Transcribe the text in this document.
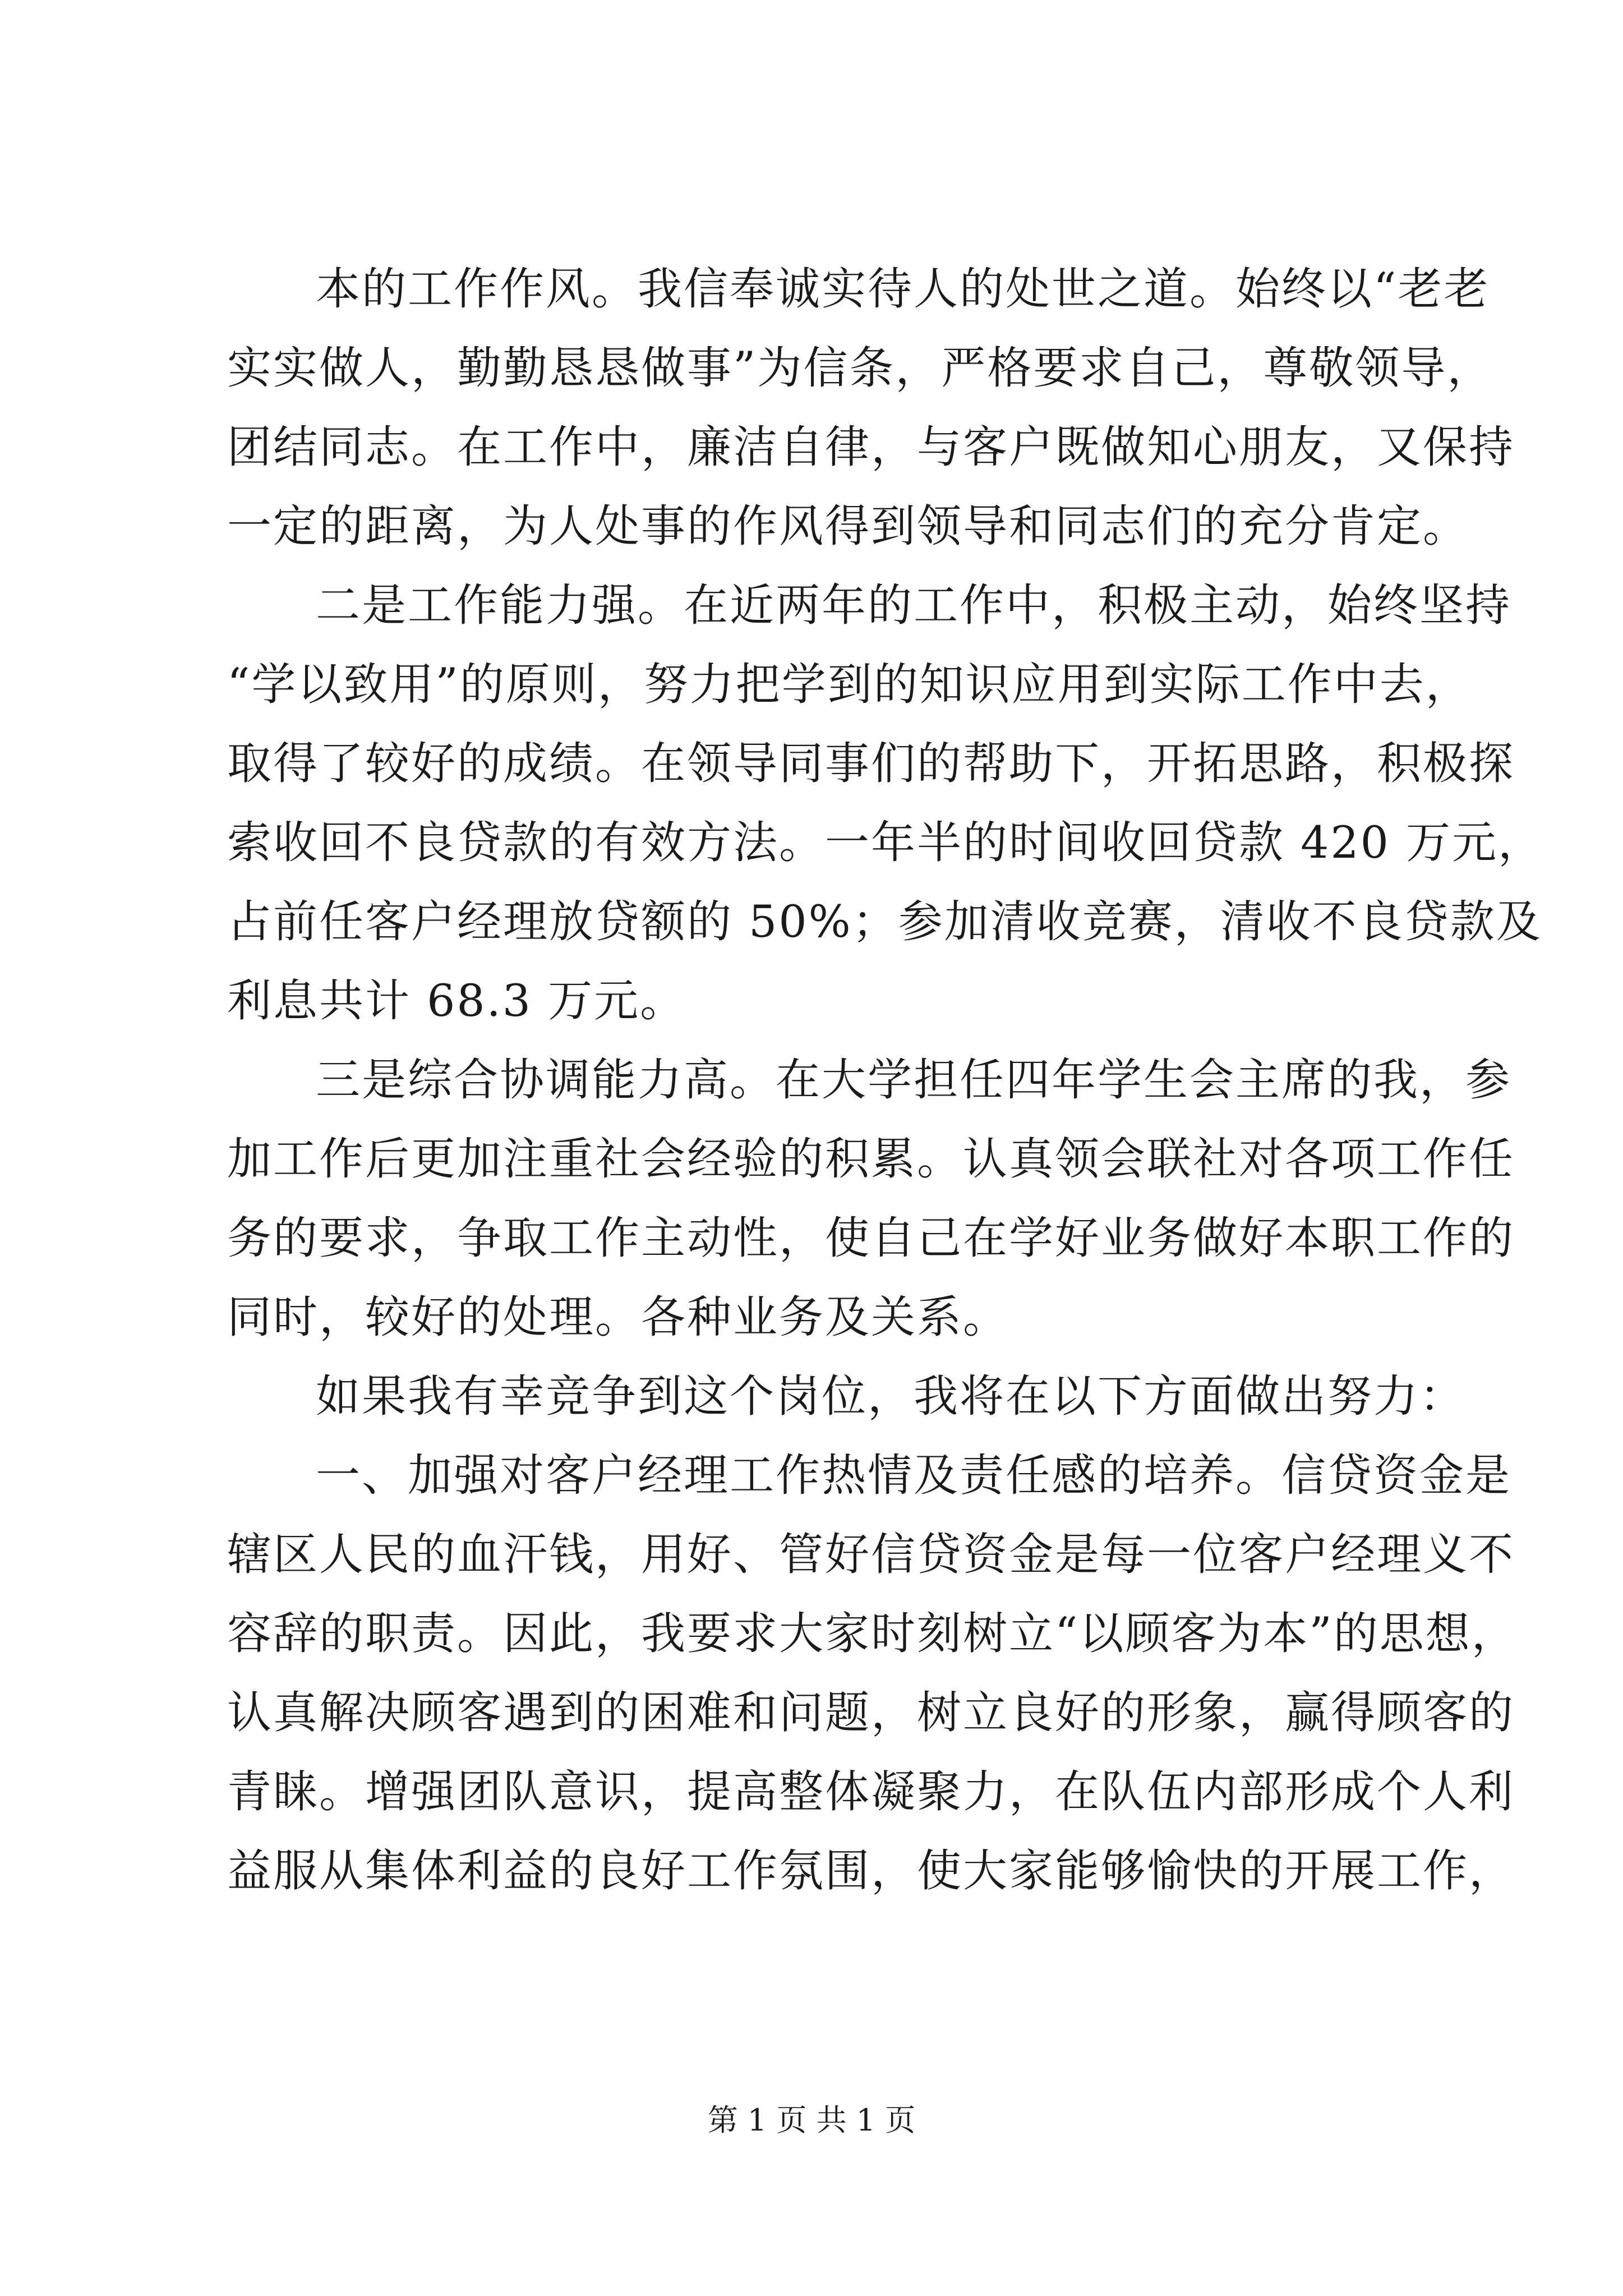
本的工作作风。我信奉诚实待人的处世之道。始终以“老老
实实做人，勤勤恳恳做事”为信条，严格要求自己，尊敬领导，
团结同志。在工作中，廉洁自律，与客户既做知心朋友，又保持
一定的距离，为人处事的作风得到领导和同志们的充分肯定。
二是工作能力强。在近两年的工作中，积极主动，始终坚持
“学以致用”的原则，努力把学到的知识应用到实际工作中去，
取得了较好的成绩。在领导同事们的帮助下，开拓思路，积极探
索收回不良贷款的有效方法。一年半的时间收回贷款 420 万元，
占前任客户经理放贷额的 50%；参加清收竞赛，清收不良贷款及
利息共计 68.3 万元。
三是综合协调能力高。在大学担任四年学生会主席的我，参
加工作后更加注重社会经验的积累。认真领会联社对各项工作任
务的要求，争取工作主动性，使自己在学好业务做好本职工作的
同时，较好的处理。各种业务及关系。
如果我有幸竞争到这个岗位，我将在以下方面做出努力：
一、加强对客户经理工作热情及责任感的培养。信贷资金是
辖区人民的血汗钱，用好、管好信贷资金是每一位客户经理义不
容辞的职责。因此，我要求大家时刻树立“以顾客为本”的思想，
认真解决顾客遇到的困难和问题，树立良好的形象，赢得顾客的
青睐。增强团队意识，提高整体凝聚力，在队伍内部形成个人利
益服从集体利益的良好工作氛围，使大家能够愉快的开展工作，
第 1 页 共 1 页
